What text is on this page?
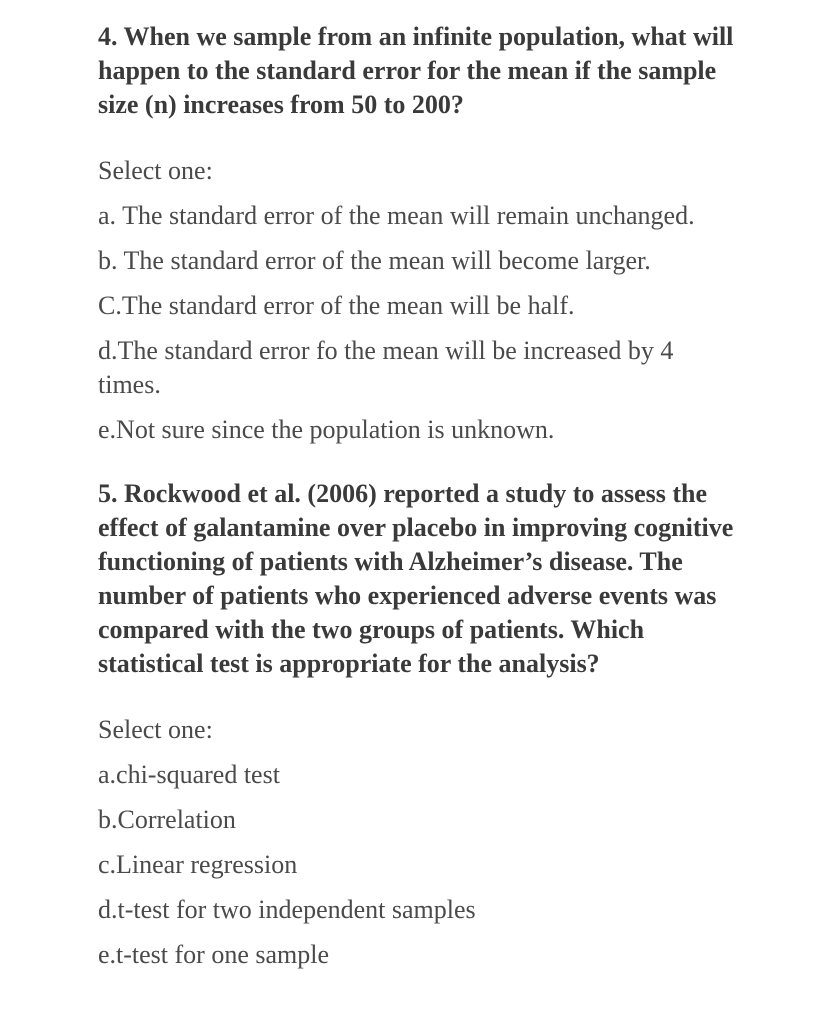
4. When we sample from an infinite population, what will happen to the standard error for the mean if the sample size (n) increases from 50 to 200?

Select one:
a. The standard error of the mean will remain unchanged.
b. The standard error of the mean will become larger.
C.The standard error of the mean will be half.
d.The standard error fo the mean will be increased by 4 times.
e.Not sure since the population is unknown.

5. Rockwood et al. (2006) reported a study to assess the effect of galantamine over placebo in improving cognitive functioning of patients with Alzheimer’s disease. The number of patients who experienced adverse events was compared with the two groups of patients. Which statistical test is appropriate for the analysis?

Select one:
a.chi-squared test
b.Correlation
c.Linear regression
d.t-test for two independent samples
e.t-test for one sample
